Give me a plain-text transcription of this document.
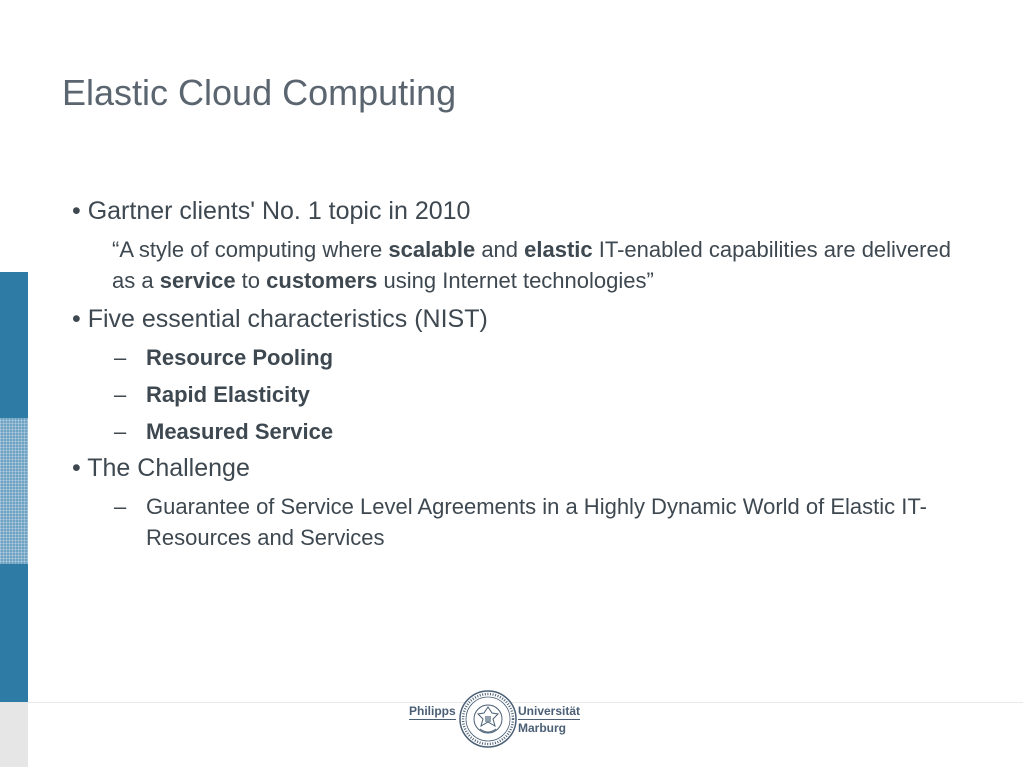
Elastic Cloud Computing

• Gartner clients' No. 1 topic in 2010

“A style of computing where scalable and elastic IT-enabled capabilities are delivered as a service to customers using Internet technologies”

• Five essential characteristics (NIST)

– Resource Pooling
– Rapid Elasticity
– Measured Service

• The Challenge

– Guarantee of Service Level Agreements in a Highly Dynamic World of Elastic IT-Resources and Services
Philipps	Universität
Marburg
